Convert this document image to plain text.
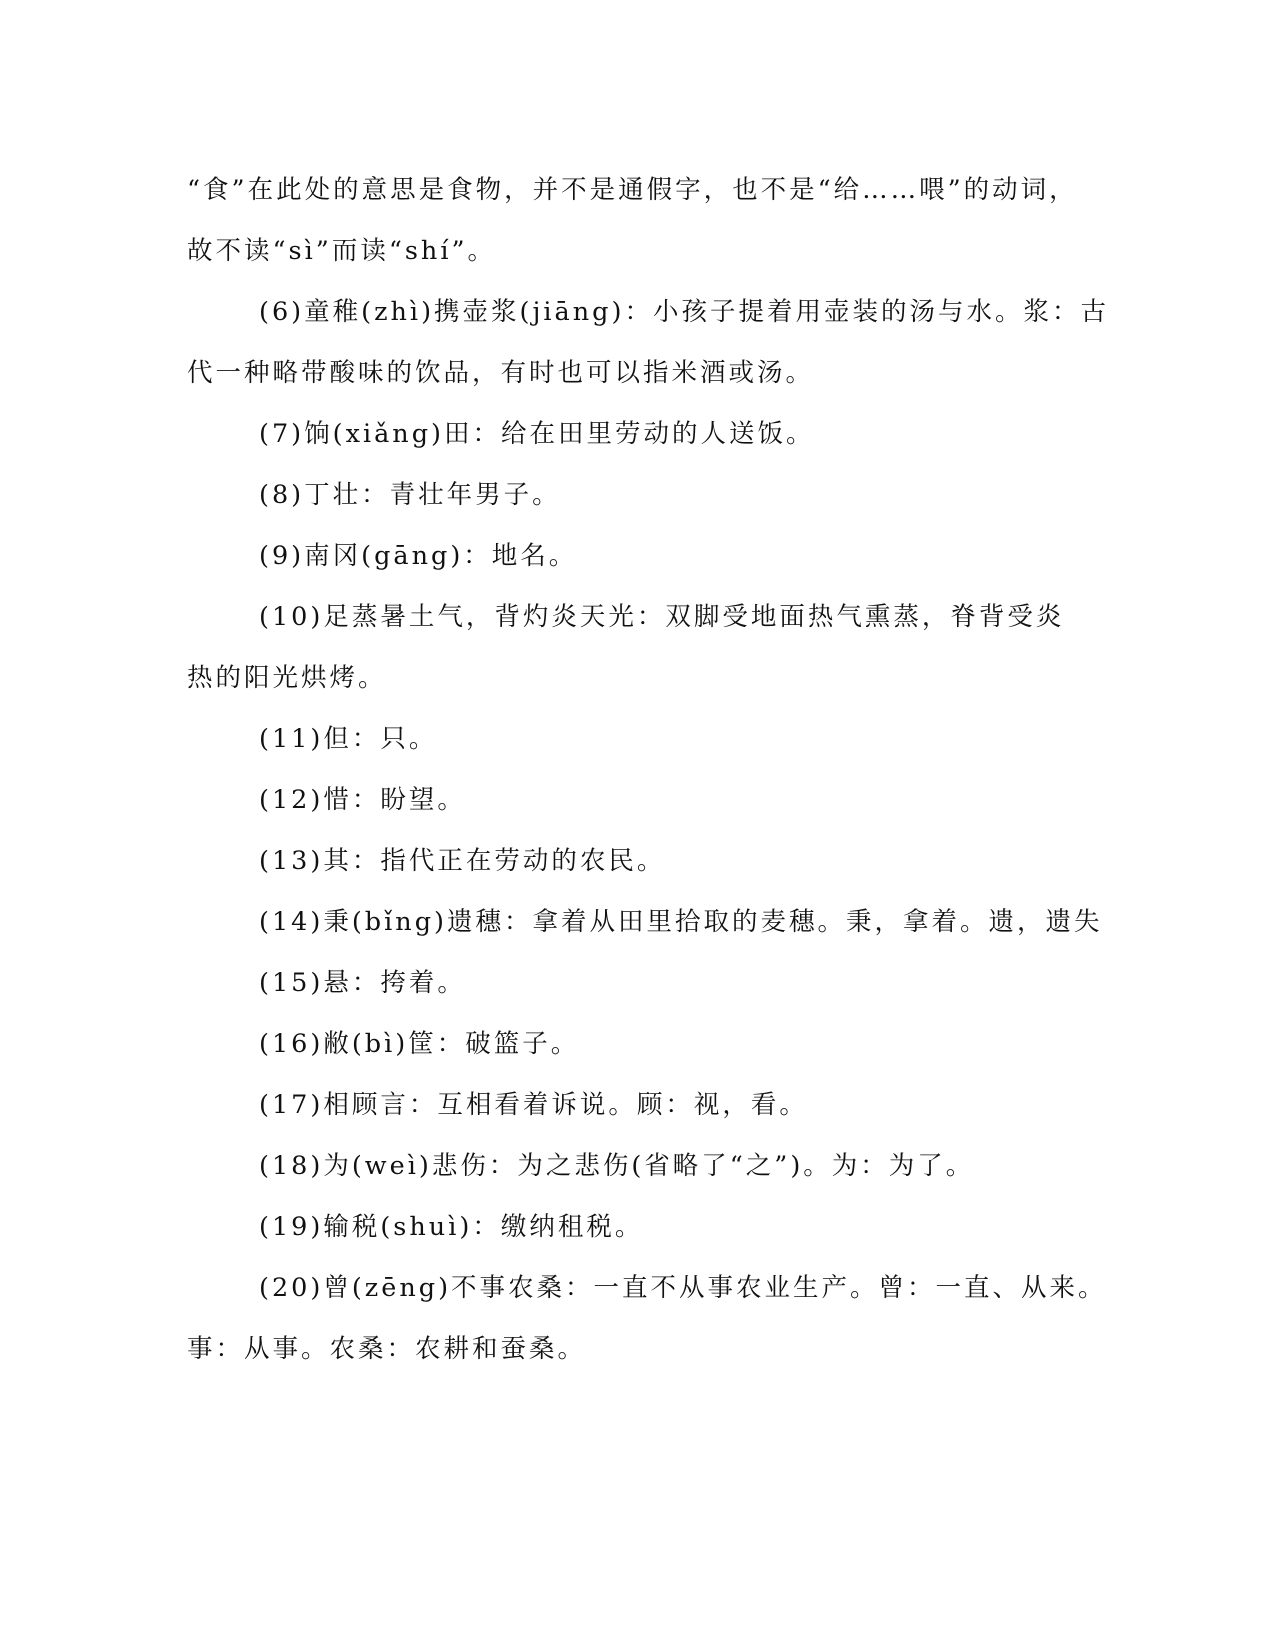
“食”在此处的意思是食物，并不是通假字，也不是“给……喂”的动词，
故不读“sì”而读“shí”。
(6)童稚(zhì)携壶浆(jiāng)：小孩子提着用壶装的汤与水。浆：古
代一种略带酸味的饮品，有时也可以指米酒或汤。
(7)饷(xiǎng)田：给在田里劳动的人送饭。
(8)丁壮：青壮年男子。
(9)南冈(gāng)：地名。
(10)足蒸暑土气，背灼炎天光：双脚受地面热气熏蒸，脊背受炎
热的阳光烘烤。
(11)但：只。
(12)惜：盼望。
(13)其：指代正在劳动的农民。
(14)秉(bǐng)遗穗：拿着从田里拾取的麦穗。秉，拿着。遗，遗失
(15)悬：挎着。
(16)敝(bì)筐：破篮子。
(17)相顾言：互相看着诉说。顾：视，看。
(18)为(weì)悲伤：为之悲伤(省略了“之”)。为：为了。
(19)输税(shuì)：缴纳租税。
(20)曾(zēng)不事农桑：一直不从事农业生产。曾：一直、从来。
事：从事。农桑：农耕和蚕桑。
